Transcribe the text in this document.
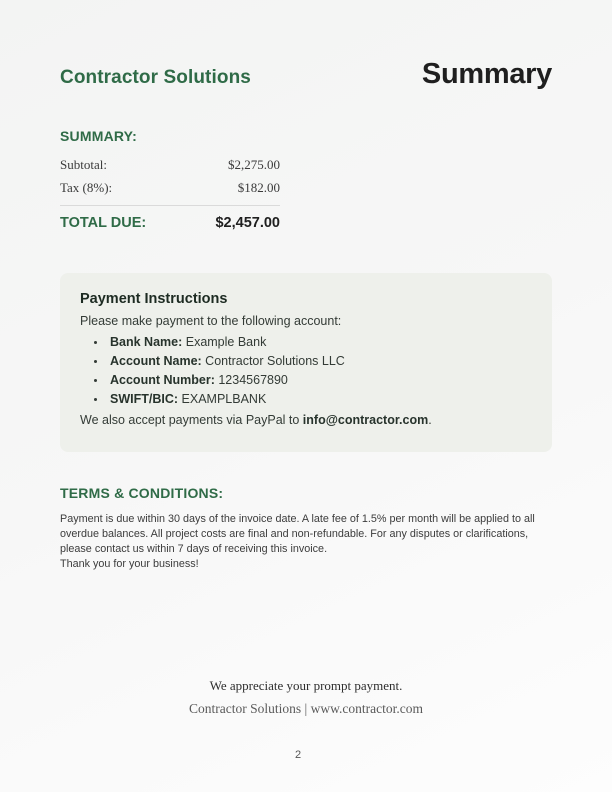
Contractor Solutions	Summary
SUMMARY:
Subtotal:	$2,275.00
Tax (8%):	$182.00
TOTAL DUE:	$2,457.00
Payment Instructions
Please make payment to the following account:
• Bank Name: Example Bank
• Account Name: Contractor Solutions LLC
• Account Number: 1234567890
• SWIFT/BIC: EXAMPLBANK
We also accept payments via PayPal to info@contractor.com.
TERMS & CONDITIONS:
Payment is due within 30 days of the invoice date. A late fee of 1.5% per month will be applied to all overdue balances. All project costs are final and non-refundable. For any disputes or clarifications, please contact us within 7 days of receiving this invoice.
Thank you for your business!
We appreciate your prompt payment.
Contractor Solutions | www.contractor.com
2
